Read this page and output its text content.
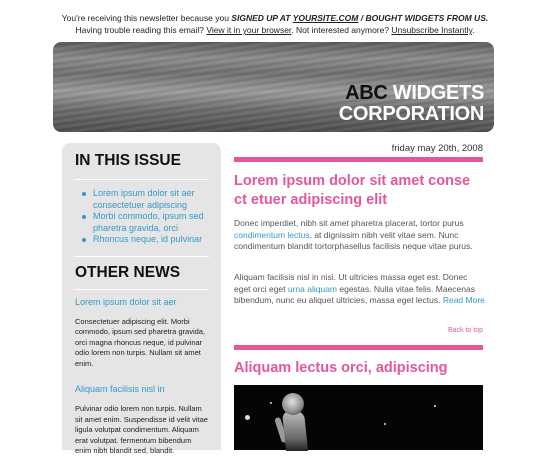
You're receiving this newsletter because you SIGNED UP AT YOURSITE.COM / BOUGHT WIDGETS FROM US.
Having trouble reading this email? View it in your browser. Not interested anymore? Unsubscribe Instantly.
ABC WIDGETS
CORPORATION
IN THIS ISSUE
Lorem ipsum dolor sit aer consectetuer adipiscing
Morbi commodo, ipsum sed pharetra gravida, orci
Rhoncus neque, id pulvinar
OTHER NEWS
Lorem ipsum dolor sit aer
Consectetuer adipiscing elit. Morbi commodo, ipsum sed pharetra gravida, orci magna rhoncus neque, id pulvinar odio lorem non turpis. Nullam sit amet enim.
Aliquam facilisis nisl in
Pulvinar odio lorem non turpis. Nullam sit amet enim. Suspendisse id velit vitae ligula volutpat condimentum. Aliquam erat volutpat. fermentum bibendum enim nibh blandit sed, blandit.
friday may 20th, 2008
Lorem ipsum dolor sit amet conse ct etuer adipiscing elit
Donec imperdiet, nibh sit amet pharetra placerat, tortor purus condimentum lectus, at dignissim nibh velit vitae sem. Nunc condimentum blandit tortorphasellus facilisis neque vitae purus.
Aliquam facilisis nisl in nisi. Ut ultricies massa eget est. Donec eget orci eget urna aliquam egestas. Nulla vitae felis. Maecenas bibendum, nunc eu aliquet ultricies, massa eget lectus. Read More
Back to top
Aliquam lectus orci, adipiscing
